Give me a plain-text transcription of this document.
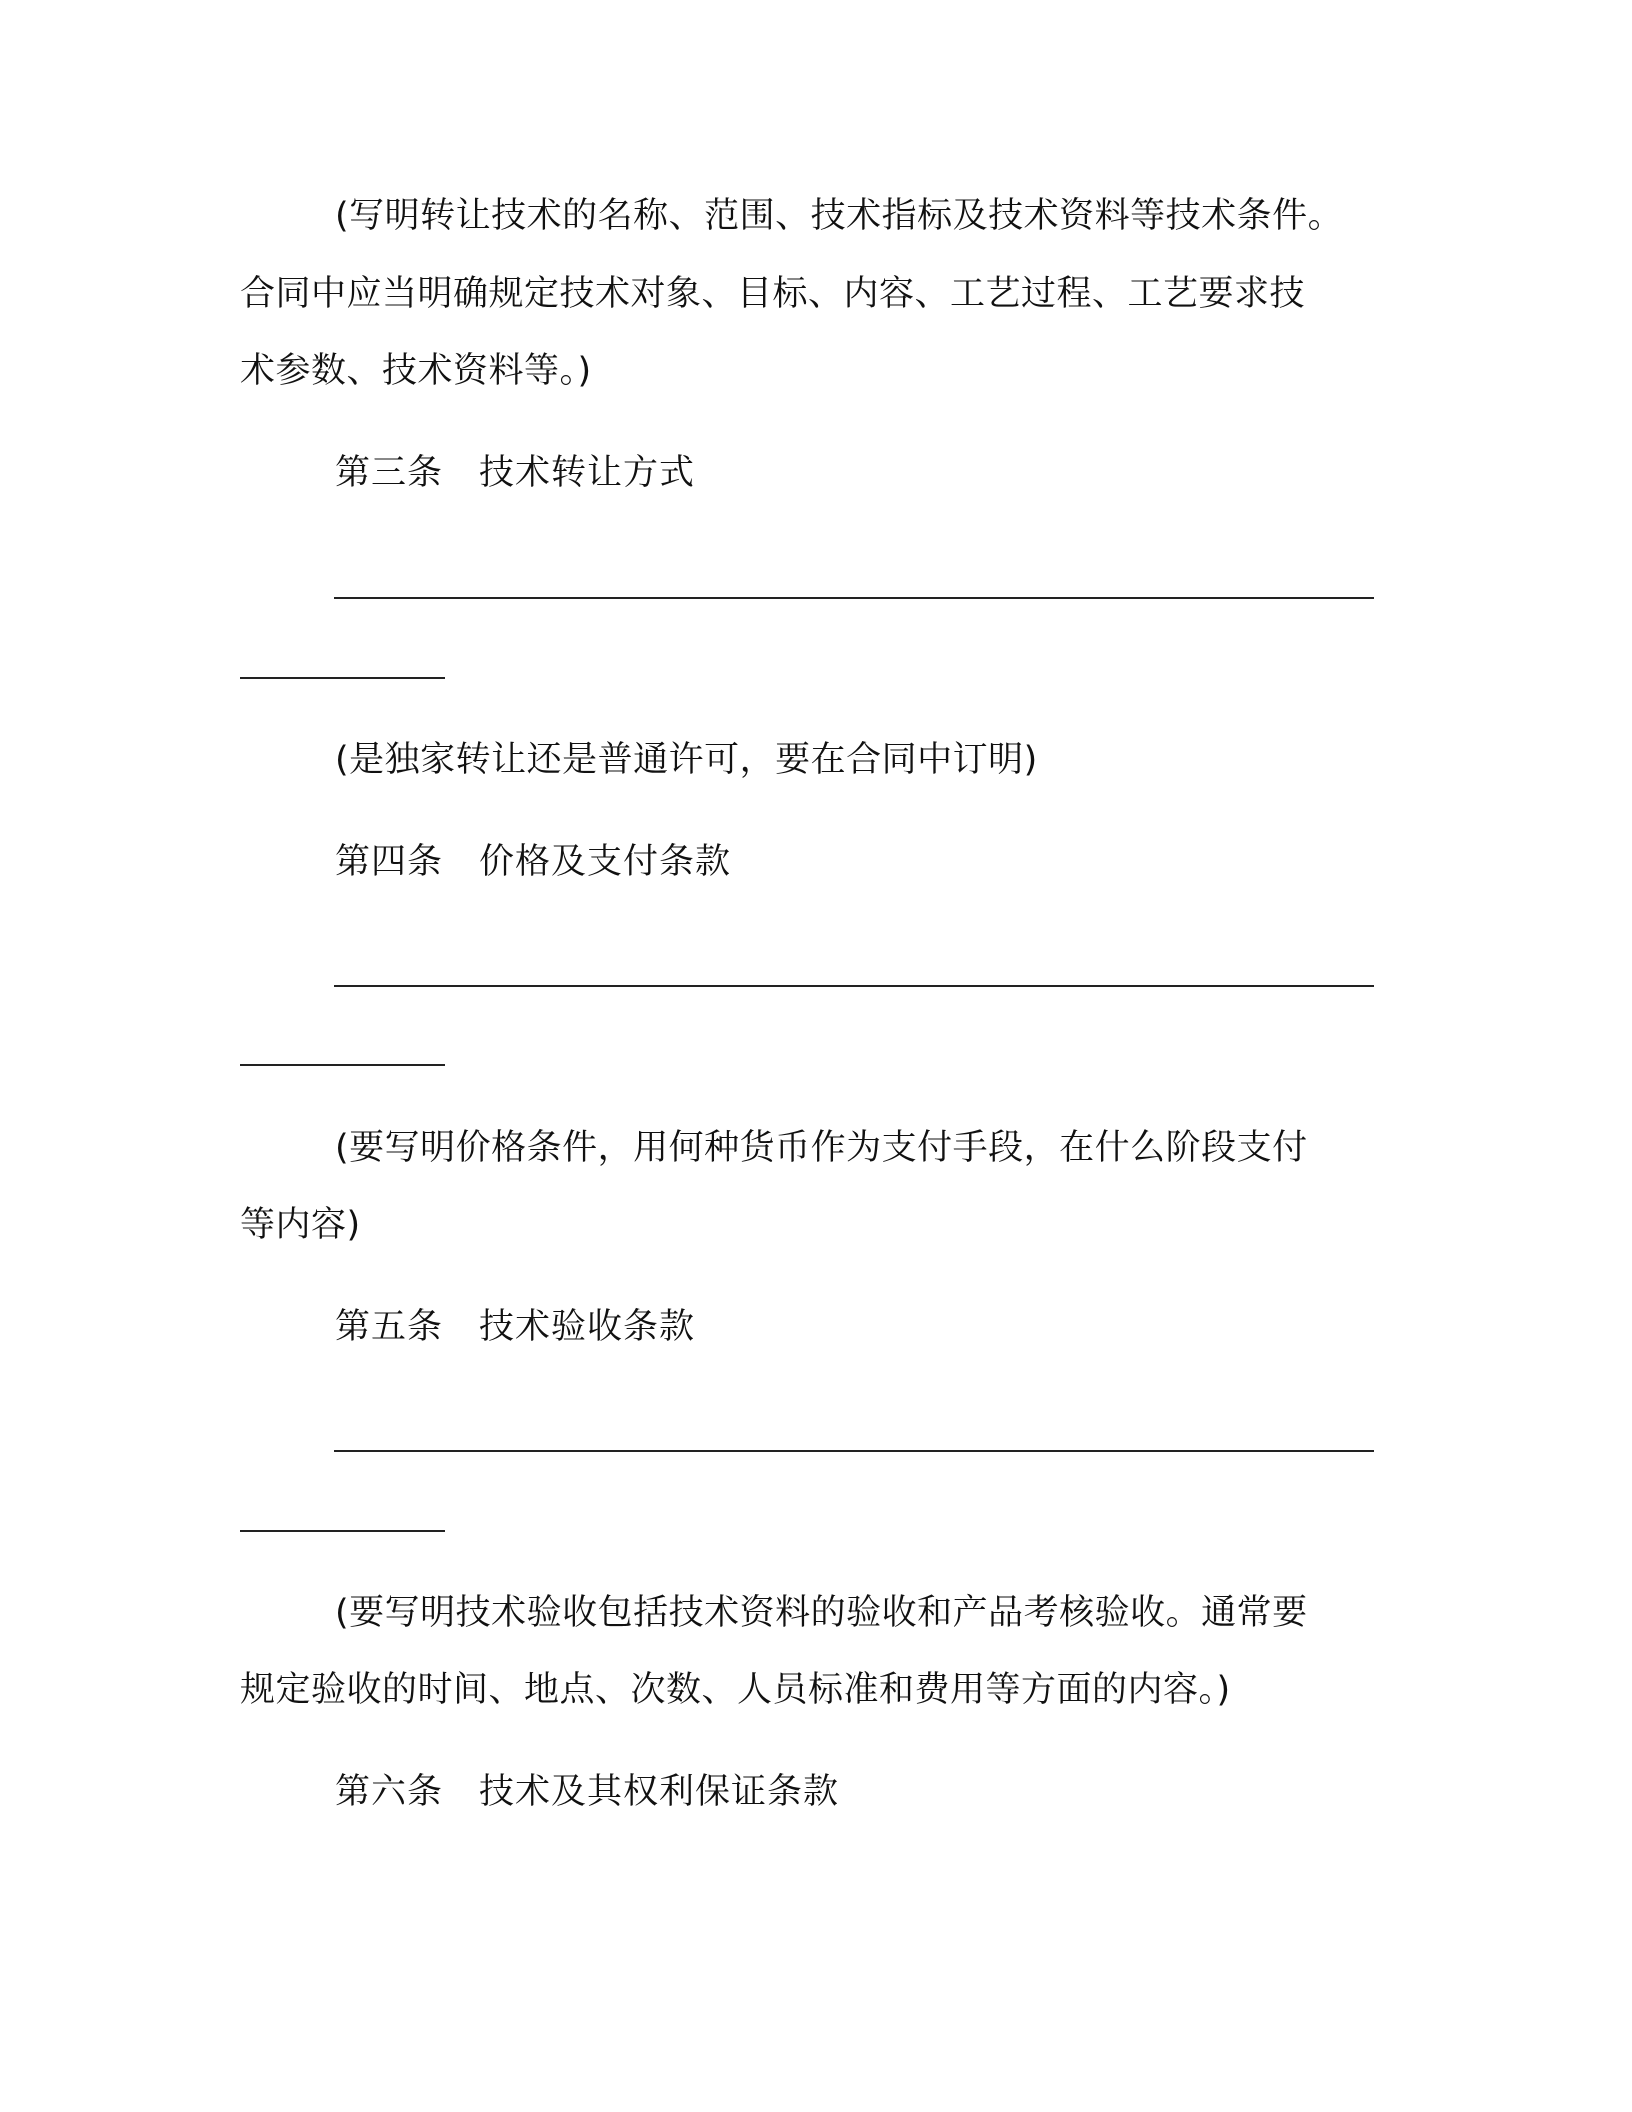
(写明转让技术的名称、范围、技术指标及技术资料等技术条件。
合同中应当明确规定技术对象、目标、内容、工艺过程、工艺要求技
术参数、技术资料等。)
第三条　技术转让方式
(是独家转让还是普通许可，要在合同中订明)
第四条　价格及支付条款
(要写明价格条件，用何种货币作为支付手段，在什么阶段支付
等内容)
第五条　技术验收条款
(要写明技术验收包括技术资料的验收和产品考核验收。通常要
规定验收的时间、地点、次数、人员标准和费用等方面的内容。)
第六条　技术及其权利保证条款
